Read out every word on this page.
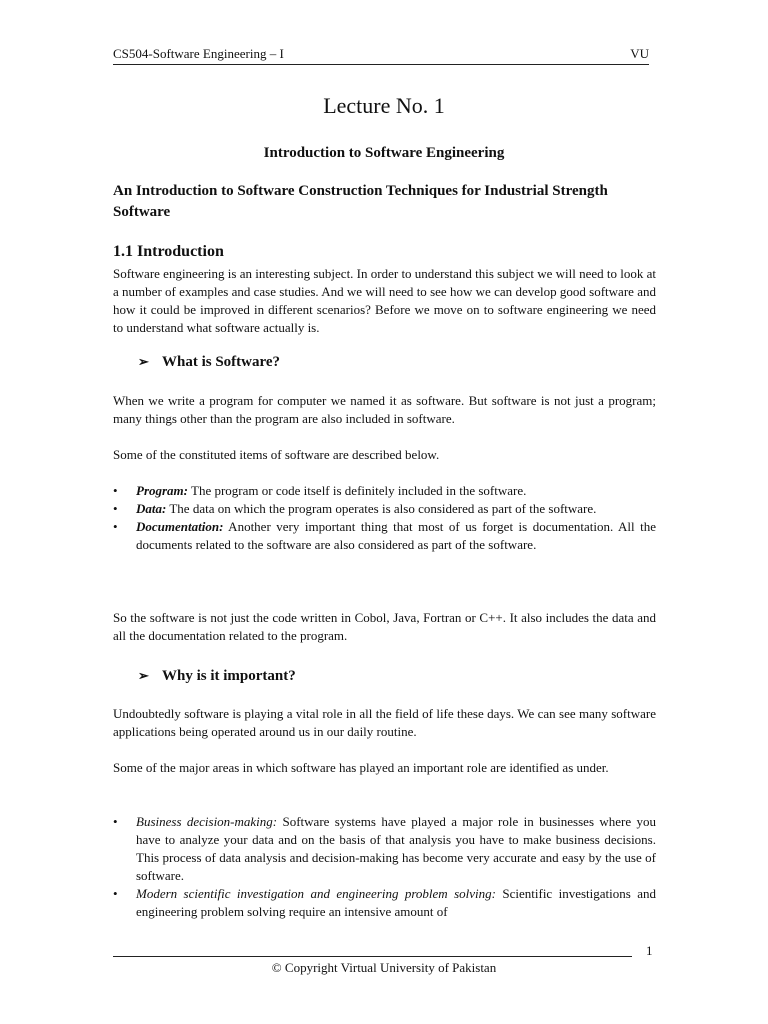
CS504-Software Engineering – I	VU
Lecture No. 1
Introduction to Software Engineering
An Introduction to Software Construction Techniques for Industrial Strength Software
1.1 Introduction
Software engineering is an interesting subject. In order to understand this subject we will need to look at a number of examples and case studies. And we will need to see how we can develop good software and how it could be improved in different scenarios? Before we move on to software engineering we need to understand what software actually is.
➢ What is Software?
When we write a program for computer we named it as software. But software is not just a program; many things other than the program are also included in software.
Some of the constituted items of software are described below.
•	Program: The program or code itself is definitely included in the software.
•	Data: The data on which the program operates is also considered as part of the software.
•	Documentation: Another very important thing that most of us forget is documentation. All the documents related to the software are also considered as part of the software.
So the software is not just the code written in Cobol, Java, Fortran or C++. It also includes the data and all the documentation related to the program.
➢ Why is it important?
Undoubtedly software is playing a vital role in all the field of life these days. We can see many software applications being operated around us in our daily routine.
Some of the major areas in which software has played an important role are identified as under.
•	Business decision-making: Software systems have played a major role in businesses where you have to analyze your data and on the basis of that analysis you have to make business decisions. This process of data analysis and decision-making has become very accurate and easy by the use of software.
•	Modern scientific investigation and engineering problem solving: Scientific investigations and engineering problem solving require an intensive amount of
1
© Copyright Virtual University of Pakistan
